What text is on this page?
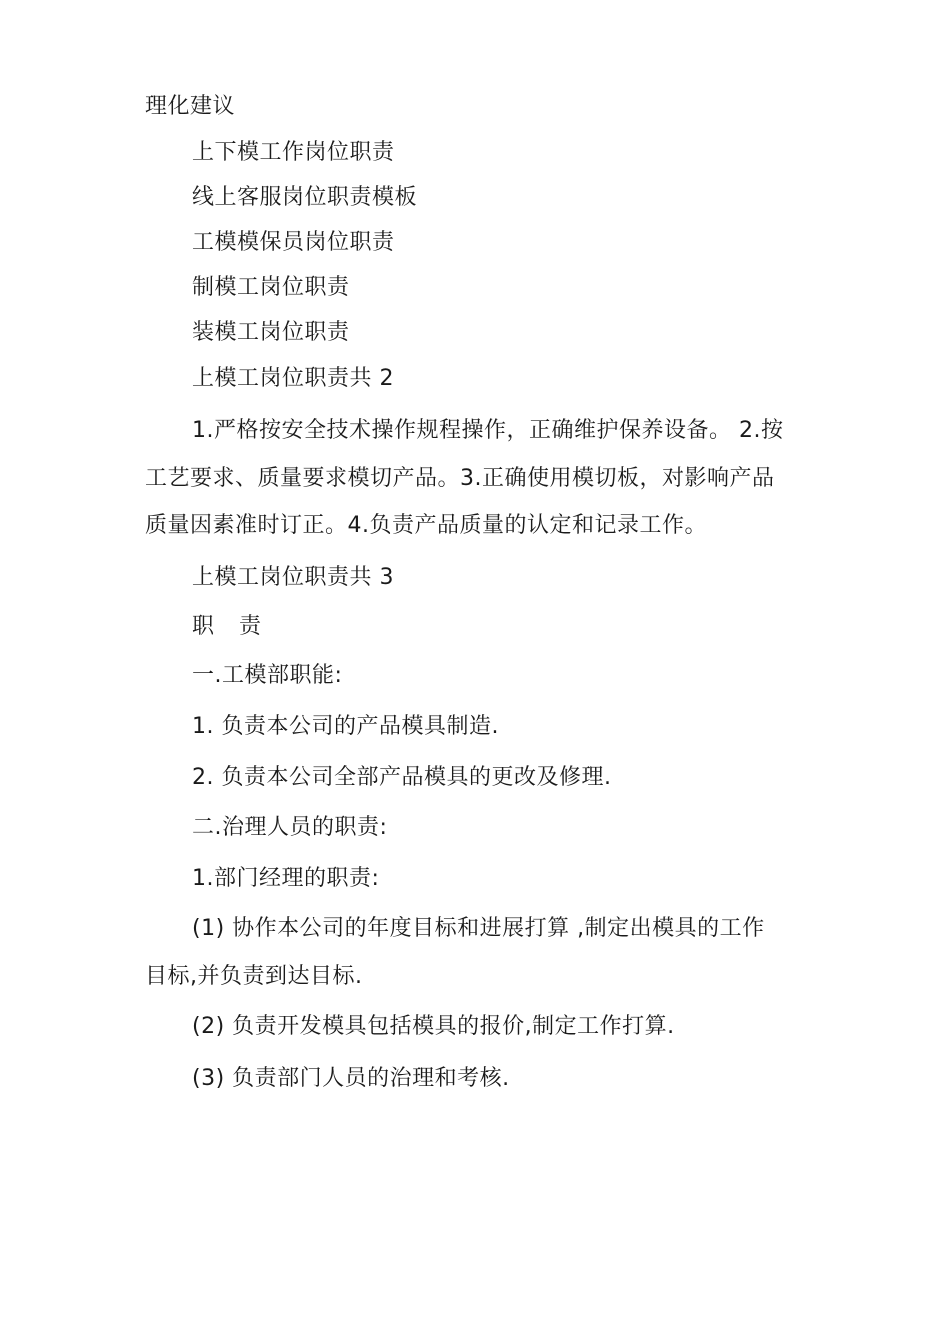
理化建议
上下模工作岗位职责
线上客服岗位职责模板
工模模保员岗位职责
制模工岗位职责
装模工岗位职责
上模工岗位职责共 2
1.严格按安全技术操作规程操作，正确维护保养设备。 2.按
工艺要求、质量要求模切产品。3.正确使用模切板，对影响产品
质量因素准时订正。4.负责产品质量的认定和记录工作。
上模工岗位职责共 3
职 责
一.工模部职能:
1. 负责本公司的产品模具制造.
2. 负责本公司全部产品模具的更改及修理.
二.治理人员的职责:
1.部门经理的职责:
(1) 协作本公司的年度目标和进展打算 ,制定出模具的工作
目标,并负责到达目标.
(2) 负责开发模具包括模具的报价,制定工作打算.
(3) 负责部门人员的治理和考核.
